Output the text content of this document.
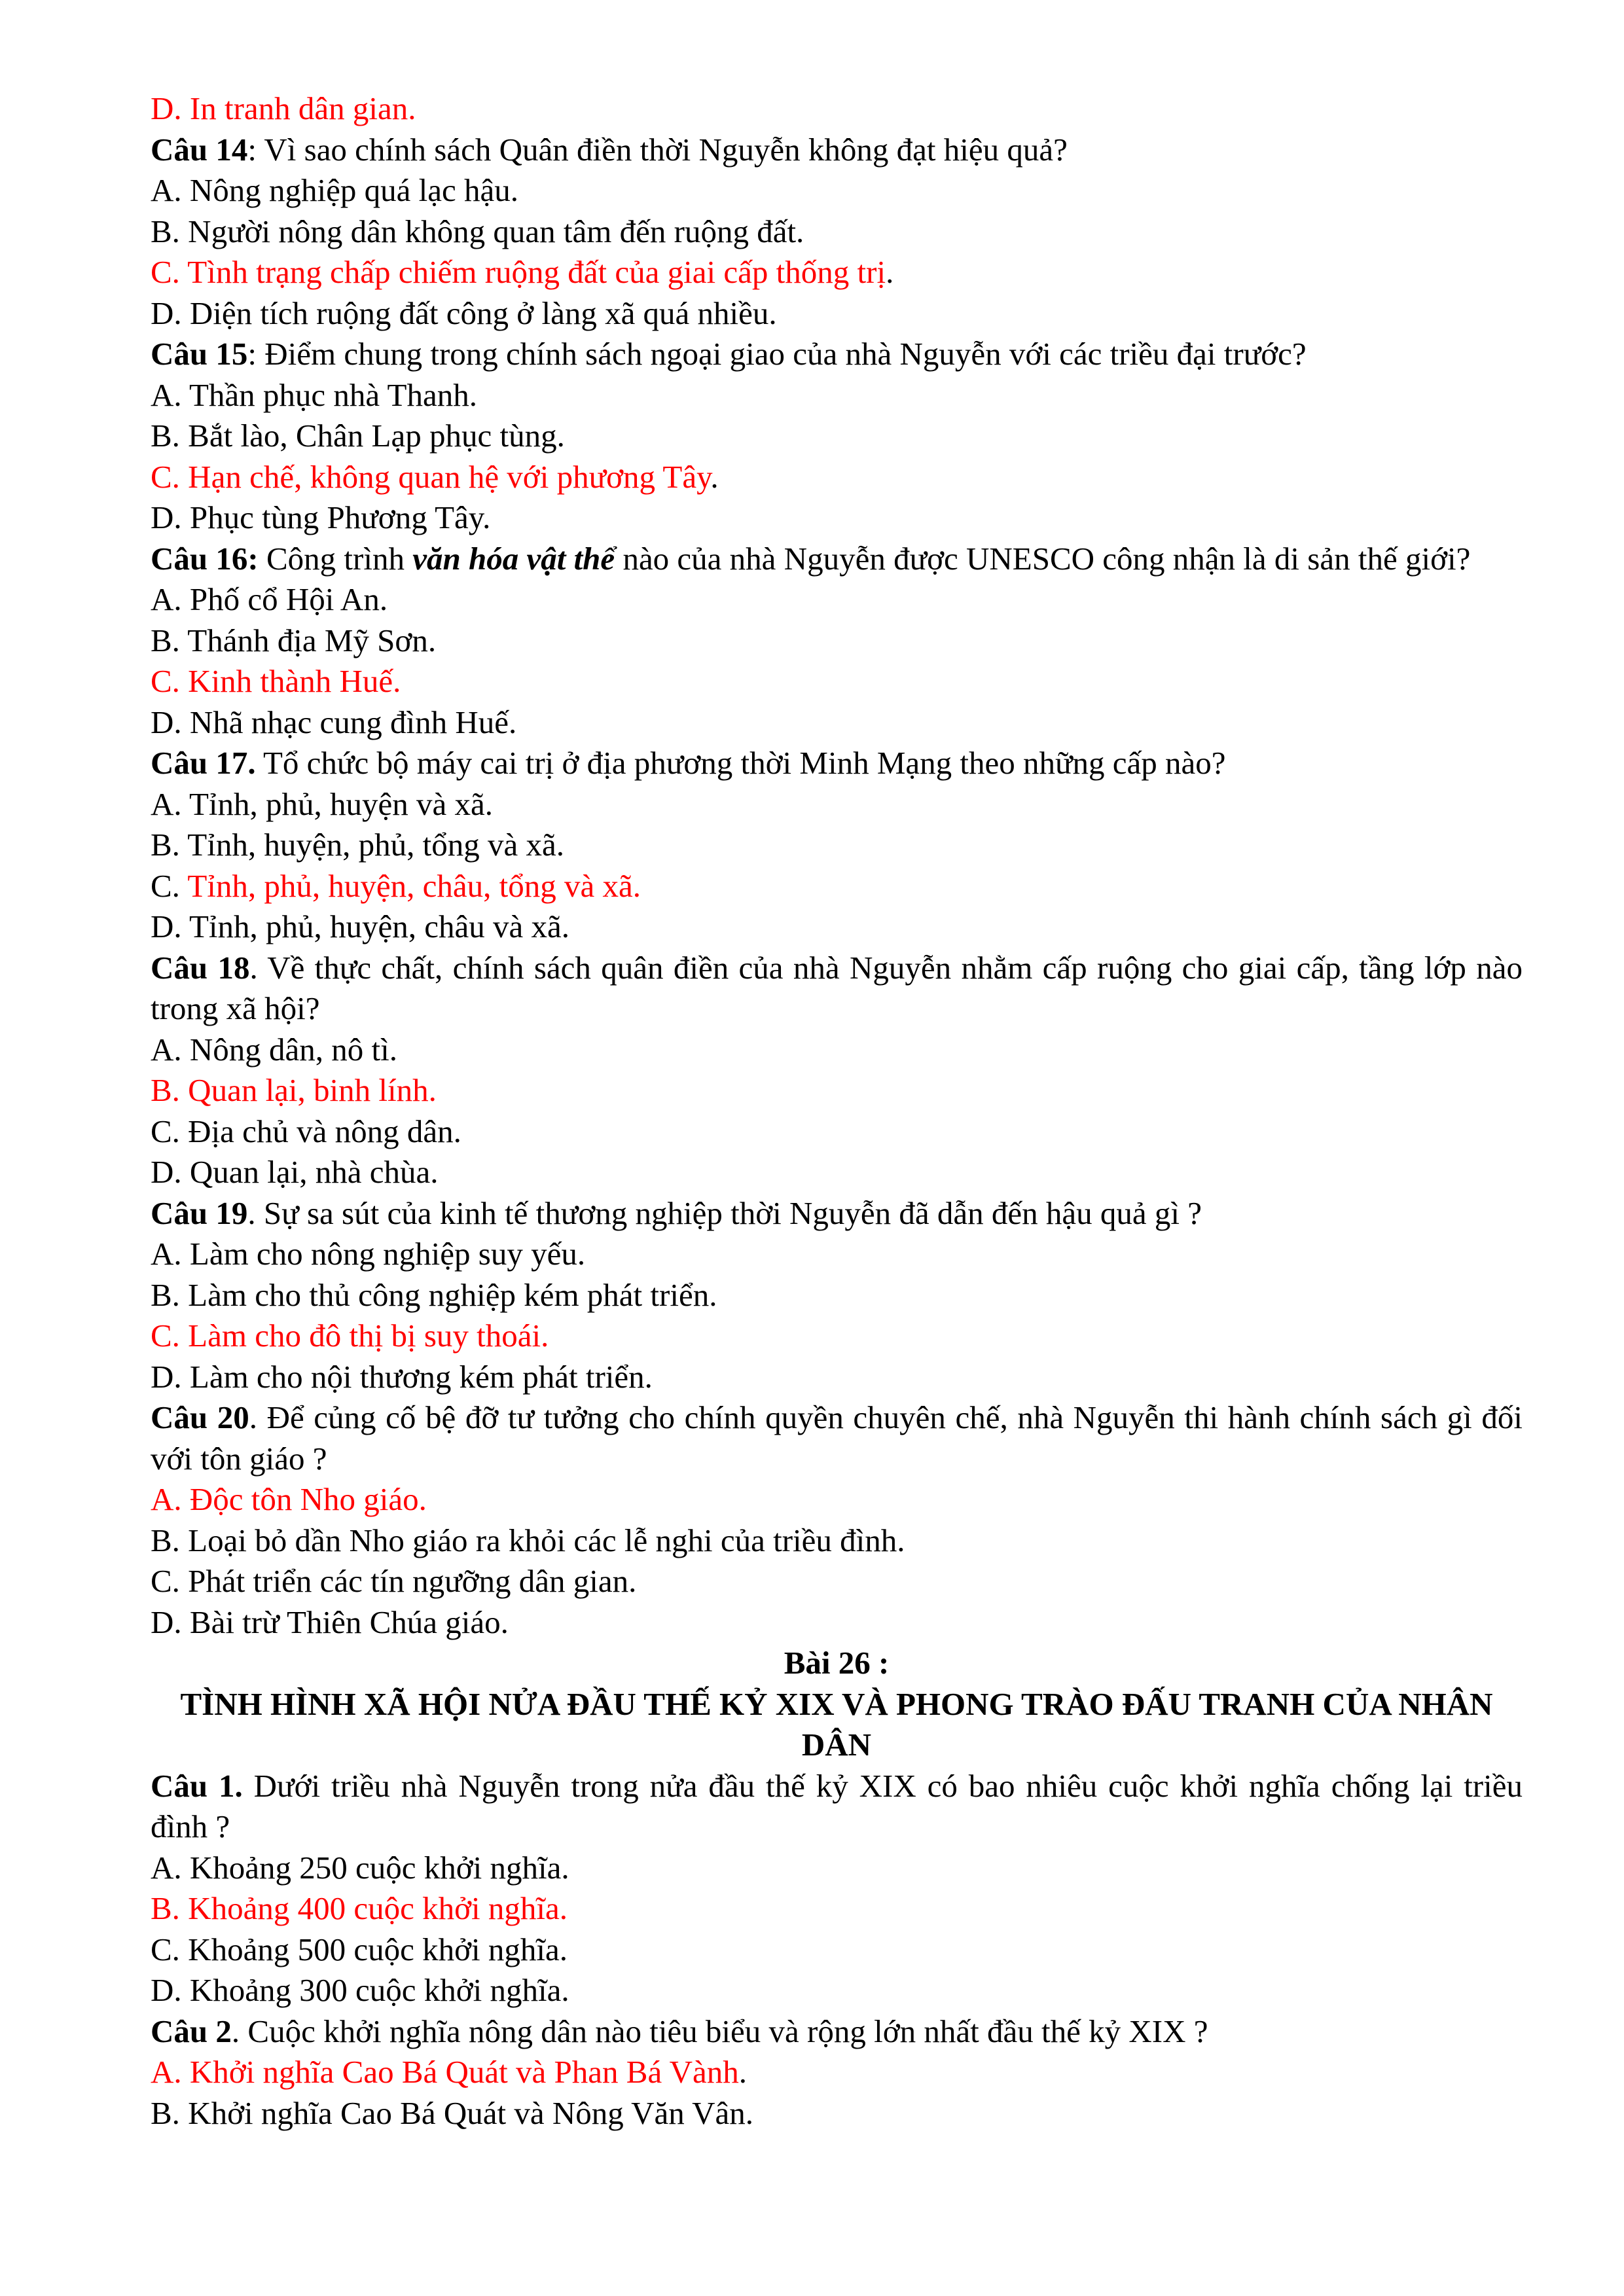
D. In tranh dân gian.

Câu 14: Vì sao chính sách Quân điền thời Nguyễn không đạt hiệu quả?

A. Nông nghiệp quá lạc hậu.

B. Người nông dân không quan tâm đến ruộng đất.

C. Tình trạng chấp chiếm ruộng đất của giai cấp thống trị.

D. Diện tích ruộng đất công ở làng xã quá nhiều.

Câu 15: Điểm chung trong chính sách ngoại giao của nhà Nguyễn với các triều đại trước?

A. Thần phục nhà Thanh.

B. Bắt lào, Chân Lạp phục tùng.

C. Hạn chế, không quan hệ với phương Tây.

D. Phục tùng Phương Tây.

Câu 16: Công trình văn hóa vật thể nào của nhà Nguyễn được UNESCO công nhận là di sản thế giới?

A. Phố cổ Hội An.

B. Thánh địa Mỹ Sơn.

C. Kinh thành Huế.

D. Nhã nhạc cung đình Huế.

Câu 17. Tổ chức bộ máy cai trị ở địa phương thời Minh Mạng theo những cấp nào?

A. Tỉnh, phủ, huyện và xã.

B. Tỉnh, huyện, phủ, tổng và xã.

C. Tỉnh, phủ, huyện, châu, tổng và xã.

D. Tỉnh, phủ, huyện, châu và xã.

Câu 18. Về thực chất, chính sách quân điền của nhà Nguyễn nhằm cấp ruộng cho giai cấp, tầng lớp nào trong xã hội?

A. Nông dân, nô tì.

B. Quan lại, binh lính.

C. Địa chủ và nông dân.

D. Quan lại, nhà chùa.

Câu 19. Sự sa sút của kinh tế thương nghiệp thời Nguyễn đã dẫn đến hậu quả gì ?

A. Làm cho nông nghiệp suy yếu.

B. Làm cho thủ công nghiệp kém phát triển.

C. Làm cho đô thị bị suy thoái.

D. Làm cho nội thương kém phát triển.

Câu 20. Để củng cố bệ đỡ tư tưởng cho chính quyền chuyên chế, nhà Nguyễn thi hành chính sách gì đối với tôn giáo ?

A. Độc tôn Nho giáo.

B. Loại bỏ dần Nho giáo ra khỏi các lễ nghi của triều đình.

C. Phát triển các tín ngưỡng dân gian.

D. Bài trừ Thiên Chúa giáo.

Bài 26 :

TÌNH HÌNH XÃ HỘI NỬA ĐẦU THẾ KỶ XIX VÀ PHONG TRÀO ĐẤU TRANH CỦA NHÂN DÂN

Câu 1. Dưới triều nhà Nguyễn trong nửa đầu thế kỷ XIX có bao nhiêu cuộc khởi nghĩa chống lại triều đình ?

A. Khoảng 250 cuộc khởi nghĩa.

B. Khoảng 400 cuộc khởi nghĩa.

C. Khoảng 500 cuộc khởi nghĩa.

D. Khoảng 300 cuộc khởi nghĩa.

Câu 2. Cuộc khởi nghĩa nông dân nào tiêu biểu và rộng lớn nhất đầu thế kỷ XIX ?

A. Khởi nghĩa Cao Bá Quát và Phan Bá Vành.

B. Khởi nghĩa Cao Bá Quát và Nông Văn Vân.
